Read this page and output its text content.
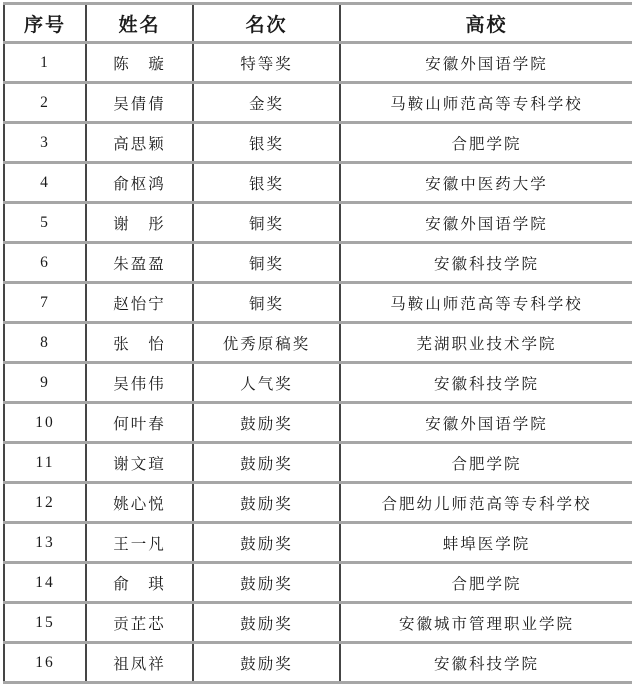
序号	姓名	名次	高校
1	陈　璇	特等奖	安徽外国语学院
2	吴倩倩	金奖	马鞍山师范高等专科学校
3	高思颖	银奖	合肥学院
4	俞枢鸿	银奖	安徽中医药大学
5	谢　彤	铜奖	安徽外国语学院
6	朱盈盈	铜奖	安徽科技学院
7	赵怡宁	铜奖	马鞍山师范高等专科学校
8	张　怡	优秀原稿奖	芜湖职业技术学院
9	吴伟伟	人气奖	安徽科技学院
10	何叶春	鼓励奖	安徽外国语学院
11	谢文瑄	鼓励奖	合肥学院
12	姚心悦	鼓励奖	合肥幼儿师范高等专科学校
13	王一凡	鼓励奖	蚌埠医学院
14	俞　琪	鼓励奖	合肥学院
15	贡芷芯	鼓励奖	安徽城市管理职业学院
16	祖凤祥	鼓励奖	安徽科技学院
